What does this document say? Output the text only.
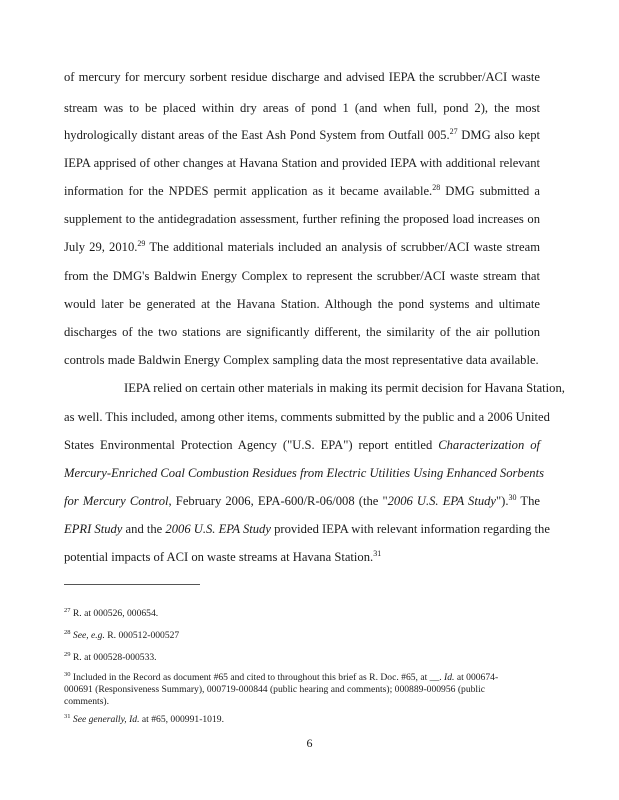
of mercury for mercury sorbent residue discharge and advised IEPA the scrubber/ACI waste
stream was to be placed within dry areas of pond 1 (and when full, pond 2), the most
hydrologically distant areas of the East Ash Pond System from Outfall 005.27 DMG also kept
IEPA apprised of other changes at Havana Station and provided IEPA with additional relevant
information for the NPDES permit application as it became available.$^{28}$ DMG submitted a
supplement to the antidegradation assessment, further refining the proposed load increases on
July 29, 2010.29 The additional materials included an analysis of scrubber/ACI waste stream
from the DMG's Baldwin Energy Complex to represent the scrubber/ACI waste stream that
would later be generated at the Havana Station. Although the pond systems and ultimate
discharges of the two stations are significantly different, the similarity of the air pollution
controls made Baldwin Energy Complex sampling data the most representative data available.
IEPA relied on certain other materials in making its permit decision for Havana Station,
as well. This included, among other items, comments submitted by the public and a 2006 United
States Environmental Protection Agency ("U.S. EPA") report entitled Characterization of
Mercury-Enriched Coal Combustion Residues from Electric Utilities Using Enhanced Sorbents
for Mercury Control, February 2006, EPA-600/R-06/008 (the "2006 U.S. EPA Study").$^{30}$ The
EPRI Study and the 2006 U.S. EPA Study provided IEPA with relevant information regarding the
potential impacts of ACI on waste streams at Havana Station.$^{31}$
$^{27}$ R. at 000526, 000654.
$^{28}$ See, e.g. R. 000512-000527
$^{29}$ R. at 000528-000533.
$^{30}$ Included in the Record as document #65 and cited to throughout this brief as R. Doc. #65, at __. Id. at 000674-
000691 (Responsiveness Summary), 000719-000844 (public hearing and comments); 000889-000956 (public
comments).
$^{31}$ See generally, Id. at #65, 000991-1019.
6
